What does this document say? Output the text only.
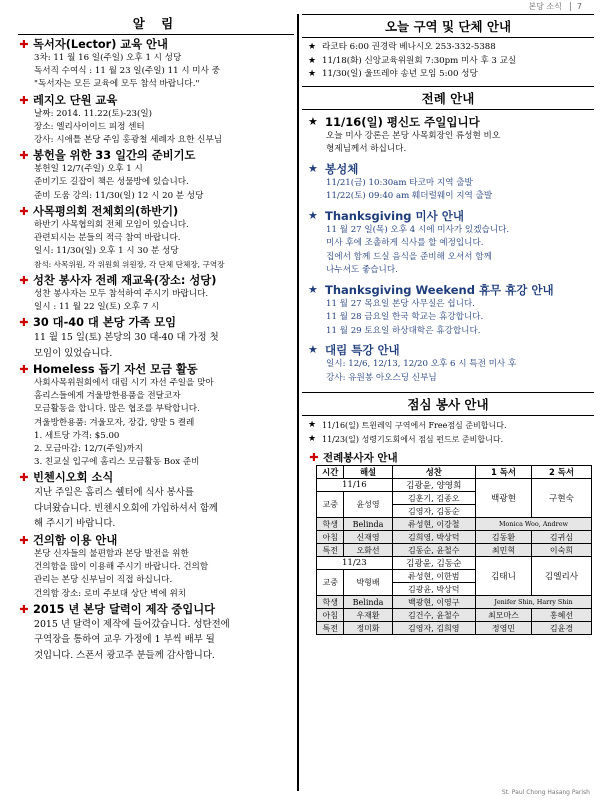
본당 소식	7
알 림
✚ 독서자(Lector) 교육 안내
3차: 11 월 16 일(주일) 오후 1 시 성당
독서직 수여식 : 11 월 23 일(주일) 11 시 미사 중
"독서자는 모든 교육에 모두 참석 바랍니다."
✚ 레지오 단원 교육
날짜: 2014. 11.22(토)-23(일)
장소: 엘리사이이드 피정 센터
강사: 시애틀 본당 주임 홍광철 세례자 요한 신부님
✚ 봉헌을 위한 33 일간의 준비기도
봉헌일 12/7(주일) 오후 1 시
준비기도 길잡이 책은 성물방에 있습니다.
준비 도움 강의: 11/30(일) 12 시 20 분 성당
✚ 사목평의회 전체회의(하반기)
하반기 사목협의회 전체 모임이 있습니다.
관련되시는 분들의 적극 참여 바랍니다.
일시: 11/30(일) 오후 1 시 30 분 성당
참석: 사목위원, 각 위원회 위원장, 각 단체 단체장, 구역장
✚ 성찬 봉사자 전례 재교육(장소: 성당)
성찬 봉사자는 모두 참석하여 주시기 바랍니다.
일시 : 11 월 22 일(토) 오후 7 시
✚ 30 대-40 대 본당 가족 모임
11 월 15 일(토) 본당의 30 대-40 대 가정 첫
모임이 있었습니다.
✚ Homeless 돕기 자선 모금 활동
사회사목위원회에서 대림 시기 자선 주일을 맞아
홈리스들에게 겨울방한용품을 전달코자
모금활동을 합니다. 많은 협조를 부탁합니다.
겨울방한용품: 겨울모자, 장갑, 양말 5 켤레
1. 세트당 가격: $5.00
2. 모금마감: 12/7(주일)까지
3. 친교실 입구에 홈리스 모금활동 Box 준비
✚ 빈첸시오회 소식
지난 주일은 홈리스 쉘터에 식사 봉사를
다녀왔습니다. 빈첸시오회에 가입하셔서 함께
해 주시기 바랍니다.
✚ 건의함 이용 안내
본당 신자들의 불편함과 본당 발전을 위한
건의함을 많이 이용해 주시기 바랍니다. 건의함
관리는 본당 신부님이 직접 하십니다.
건의함 장소: 로비 주보대 상단 벽에 위치
✚ 2015 년 본당 달력이 제작 중입니다
2015 년 달력이 제작에 들어갔습니다. 성탄전에
구역장을 통하여 교우 가정에 1 부씩 배부 될
것입니다. 스폰서 광고주 분들께 감사합니다.
오늘 구역 및 단체 안내
★ 라코타 6:00 권경락 베나시오 253-332-5388
★ 11/18(화) 신앙교육위원회 7:30pm 미사 후 3 교실
★ 11/30(일) 울뜨레야 송년 모임 5:00 성당
전례 안내
★ 11/16(일) 평신도 주일입니다
오늘 미사 강론은 본당 사목회장인 류성현 비오
형제님께서 하십니다.
★ 봉성체
11/21(금) 10:30am 타코마 지역 출발
11/22(토) 09:40 am 훼더럴웨이 지역 출발
★ Thanksgiving 미사 안내
11 월 27 일(목) 오후 4 시에 미사가 있겠습니다.
미사 후에 조촐하게 식사를 할 예정입니다.
집에서 함께 드실 음식을 준비해 오셔서 함께
나누셔도 좋습니다.
★ Thanksgiving Weekend 휴무 휴강 안내
11 월 27 목요일 본당 사무실은 쉽니다.
11 월 28 금요일 한국 학교는 휴강합니다.
11 월 29 토요일 하상대학은 휴강합니다.
★ 대림 특강 안내
일시: 12/6, 12/13, 12/20 오후 6 시 특전 미사 후
강사: 유원봉 아오스딩 신부님
점심 봉사 안내
★ 11/16(일) 트윈레익 구역에서 Free점심 준비합니다.
★ 11/23(일) 성령기도회에서 점심 펀드로 준비합니다.
✚ 전례봉사자 안내
시간	해설	성찬	1 독서	2 독서
11/16		김광윤, 양영희	백광현	구현숙
교중	윤성영	김훈기, 김종오		
		김영자, 김동순		
학생	Belinda	류성현, 이강철	Monica Woo, Andrew	
아침	신재영	김희영, 박상덕	김동환	김귀심
특전	오화선	김동순, 윤철수	최민혁	이숙희
11/23		김광윤, 김동순	김태니	김엘리사
교중	박형배	류성현, 이한범		
		김광윤, 박상덕		
학생	Belinda	백광현, 이영구	Jenifer Shin, Harry Shin	
아침	우재환	김건수, 윤철수	최모마스	홍혜선
특전	정미화	김영자, 김희영	정영민	김윤경
St. Paul Chong Hasang Parish
